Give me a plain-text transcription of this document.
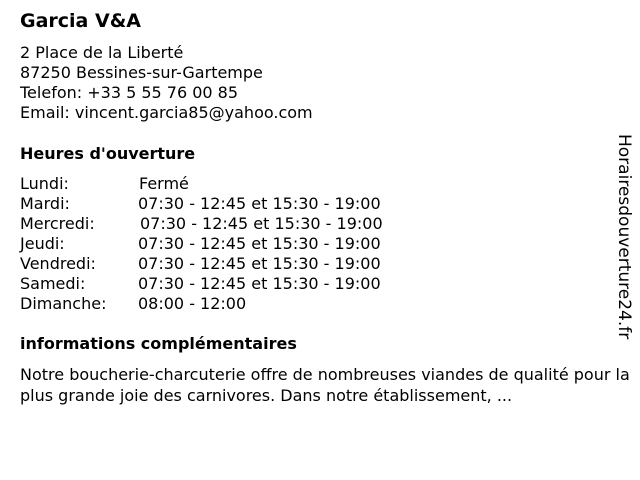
Garcia V&A
2 Place de la Liberté
87250 Bessines-sur-Gartempe
Telefon: +33 5 55 76 00 85
Email: vincent.garcia85@yahoo.com
Heures d'ouverture
Lundi:	Fermé
Mardi:	07:30 - 12:45 et 15:30 - 19:00
Mercredi:	07:30 - 12:45 et 15:30 - 19:00
Jeudi:	07:30 - 12:45 et 15:30 - 19:00
Vendredi:	07:30 - 12:45 et 15:30 - 19:00
Samedi:	07:30 - 12:45 et 15:30 - 19:00
Dimanche: 08:00 - 12:00
informations complémentaires
Notre boucherie-charcuterie offre de nombreuses viandes de qualité pour la plus grande joie des carnivores. Dans notre établissement, ...
Horairesdouverture24.fr
